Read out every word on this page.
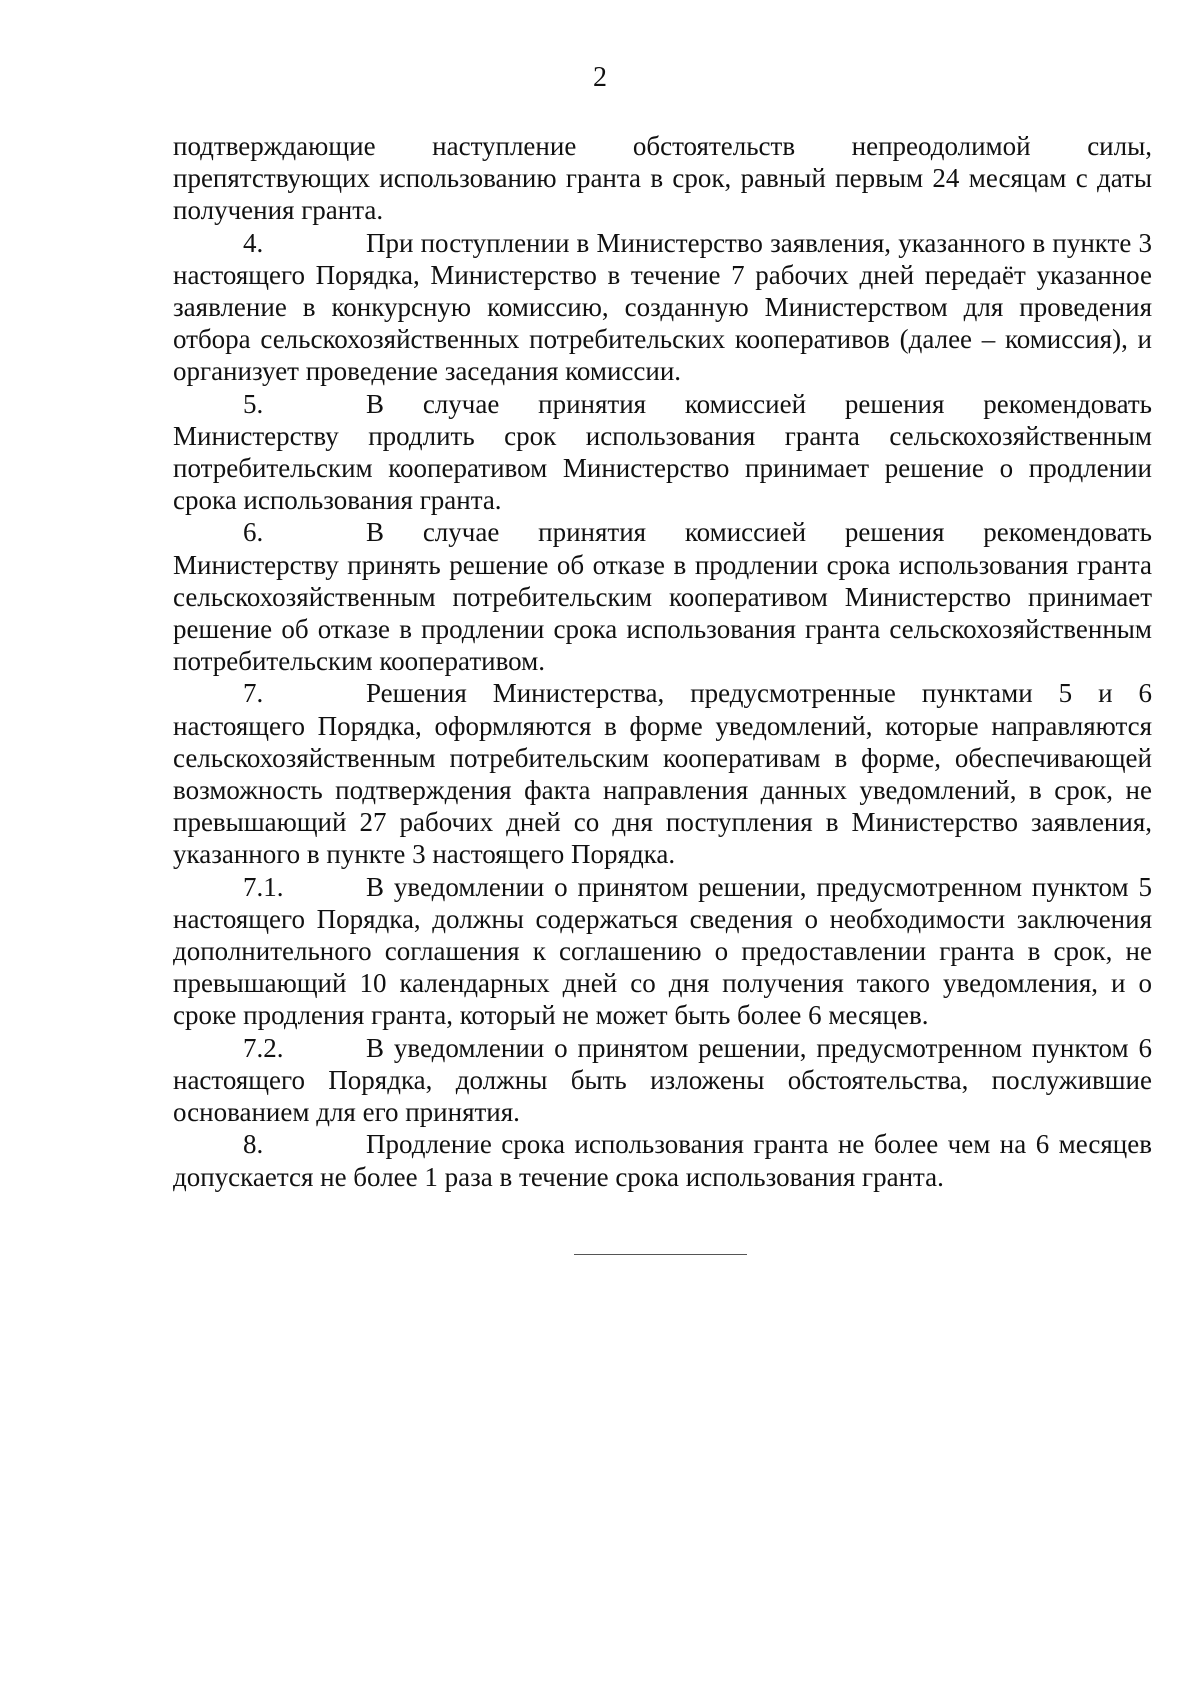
2

подтверждающие наступление обстоятельств непреодолимой силы, препятствующих использованию гранта в срок, равный первым 24 месяцам с даты получения гранта.

4.	При поступлении в Министерство заявления, указанного в пункте 3 настоящего Порядка, Министерство в течение 7 рабочих дней передаёт указанное заявление в конкурсную комиссию, созданную Министерством для проведения отбора сельскохозяйственных потребительских кооперативов (далее – комиссия), и организует проведение заседания комиссии.

5.	В случае принятия комиссией решения рекомендовать Министерству продлить срок использования гранта сельскохозяйственным потребительским кооперативом Министерство принимает решение о продлении срока использования гранта.

6.	В случае принятия комиссией решения рекомендовать Министерству принять решение об отказе в продлении срока использования гранта сельскохозяйственным потребительским кооперативом Министерство принимает решение об отказе в продлении срока использования гранта сельскохозяйственным потребительским кооперативом.

7.	Решения Министерства, предусмотренные пунктами 5 и 6 настоящего Порядка, оформляются в форме уведомлений, которые направляются сельскохозяйственным потребительским кооперативам в форме, обеспечивающей возможность подтверждения факта направления данных уведомлений, в срок, не превышающий 27 рабочих дней со дня поступления в Министерство заявления, указанного в пункте 3 настоящего Порядка.

7.1.	В уведомлении о принятом решении, предусмотренном пунктом 5 настоящего Порядка, должны содержаться сведения о необходимости заключения дополнительного соглашения к соглашению о предоставлении гранта в срок, не превышающий 10 календарных дней со дня получения такого уведомления, и о сроке продления гранта, который не может быть более 6 месяцев.

7.2.	В уведомлении о принятом решении, предусмотренном пунктом 6 настоящего Порядка, должны быть изложены обстоятельства, послужившие основанием для его принятия.

8.	Продление срока использования гранта не более чем на 6 месяцев допускается не более 1 раза в течение срока использования гранта.
